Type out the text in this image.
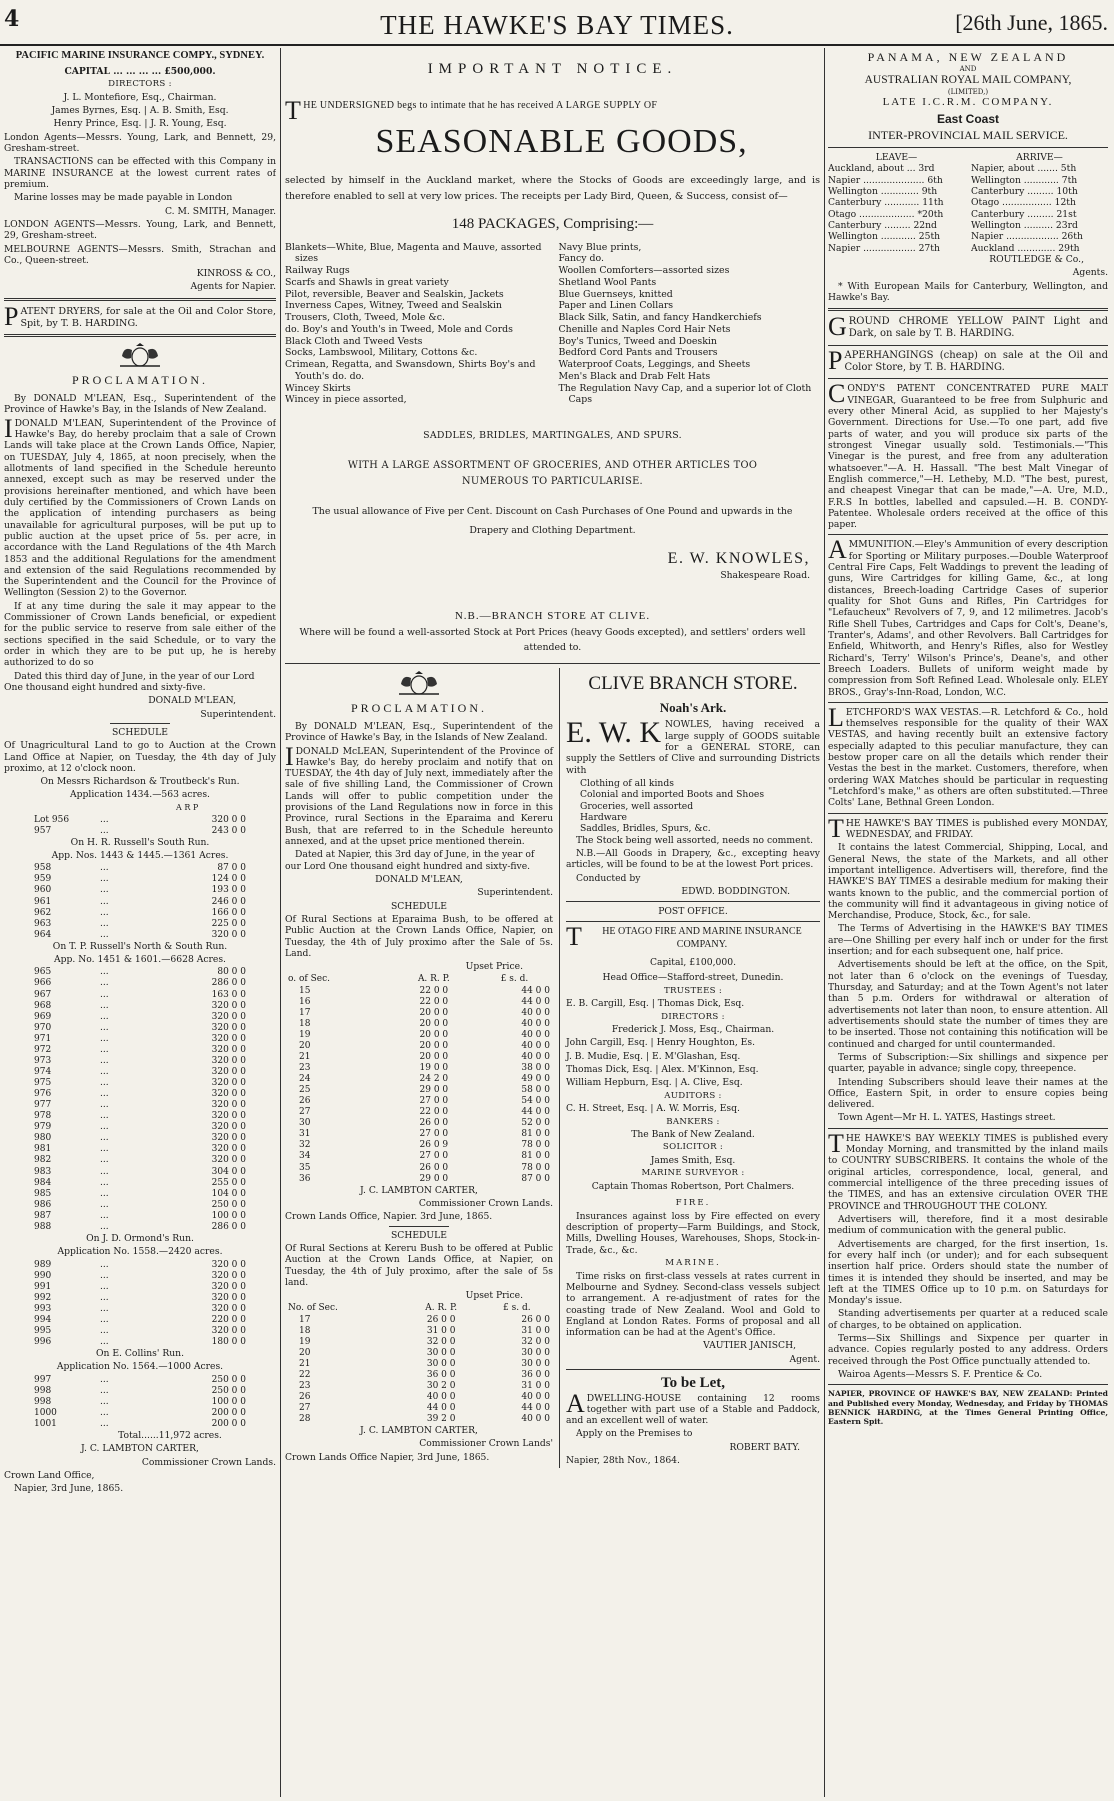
4	THE HAWKE'S BAY TIMES.	[26th June, 1865.
PACIFIC MARINE INSURANCE COMPY., SYDNEY.

CAPITAL ... ... ... ... £500,000.

DIRECTORS :

J. L. Montefiore, Esq., Chairman.

James Byrnes, Esq. | A. B. Smith, Esq.

Henry Prince, Esq. | J. R. Young, Esq.

London Agents—Messrs. Young, Lark, and Bennett, 29, Gresham-street.

TRANSACTIONS can be effected with this Company in MARINE INSURANCE at the lowest current rates of premium.

Marine losses may be made payable in London

C. M. SMITH, Manager.

LONDON AGENTS—Messrs. Young, Lark, and Bennett, 29, Gresham-street.

MELBOURNE AGENTS—Messrs. Smith, Strachan and Co., Queen-street.

KINROSS & CO.,

Agents for Napier.

PATENT DRYERS, for sale at the Oil and Color Store, Spit, by T. B. HARDING.

PROCLAMATION.

By DONALD M'LEAN, Esq., Superintendent of the Province of Hawke's Bay, in the Islands of New Zealand.

IDONALD M'LEAN, Superintendent of the Province of Hawke's Bay, do hereby proclaim that a sale of Crown Lands will take place at the Crown Lands Office, Napier, on TUESDAY, July 4, 1865, at noon precisely, when the allotments of land specified in the Schedule hereunto annexed, except such as may be reserved under the provisions hereinafter mentioned, and which have been duly certified by the Commissioners of Crown Lands on the application of intending purchasers as being unavailable for agricultural purposes, will be put up to public auction at the upset price of 5s. per acre, in accordance with the Land Regulations of the 4th March 1853 and the additional Regulations for the amendment and extension of the said Regulations recommended by the Superintendent and the Council for the Province of Wellington (Session 2) to the Governor.

If at any time during the sale it may appear to the Commissioner of Crown Lands beneficial, or expedient for the public service to reserve from sale either of the sections specified in the said Schedule, or to vary the order in which they are to be put up, he is hereby authorized to do so

Dated this third day of June, in the year of our Lord One thousand eight hundred and sixty-five.

DONALD M'LEAN,

Superintendent.

SCHEDULE

Of Unagricultural Land to go to Auction at the Crown Land Office at Napier, on Tuesday, the 4th day of July proximo, at 12 o'clock noon.

On Messrs Richardson & Troutbeck's Run.

Application 1434.—563 acres.

A R P

Lot 956	...	320 0 0
957	...	243 0 0

On H. R. Russell's South Run.

App. Nos. 1443 & 1445.—1361 Acres.

958	...	87 0 0
959	...	124 0 0
960	...	193 0 0
961	...	246 0 0
962	...	166 0 0
963	...	225 0 0
964	...	320 0 0

On T. P. Russell's North & South Run.

App. No. 1451 & 1601.—6628 Acres.

965	...	80 0 0
966	...	286 0 0
967	...	163 0 0
968	...	320 0 0
969	...	320 0 0
970	...	320 0 0
971	...	320 0 0
972	...	320 0 0
973	...	320 0 0
974	...	320 0 0
975	...	320 0 0
976	...	320 0 0
977	...	320 0 0
978	...	320 0 0
979	...	320 0 0
980	...	320 0 0
981	...	320 0 0
982	...	320 0 0
983	...	304 0 0
984	...	255 0 0
985	...	104 0 0
986	...	250 0 0
987	...	100 0 0
988	...	286 0 0

On J. D. Ormond's Run.

Application No. 1558.—2420 acres.

989	...	320 0 0
990	...	320 0 0
991	...	320 0 0
992	...	320 0 0
993	...	320 0 0
994	...	220 0 0
995	...	320 0 0
996	...	180 0 0

On E. Collins' Run.

Application No. 1564.—1000 Acres.

997	...	250 0 0
998	...	250 0 0
998	...	100 0 0
1000	...	200 0 0
1001	...	200 0 0

Total......11,972 acres.

J. C. LAMBTON CARTER,

Commissioner Crown Lands.

Crown Land Office,

Napier, 3rd June, 1865.

IMPORTANT NOTICE.

THE UNDERSIGNED begs to intimate that he has received A LARGE SUPPLY OF

SEASONABLE GOODS,

selected by himself in the Auckland market, where the Stocks of Goods are exceedingly large, and is therefore enabled to sell at very low prices. The receipts per Lady Bird, Queen, & Success, consist of—

148 PACKAGES, Comprising:—
Blankets—White, Blue, Magenta and Mauve, assorted sizes
Railway Rugs
Scarfs and Shawls in great variety
Pilot, reversible, Beaver and Sealskin, Jackets
Inverness Capes, Witney, Tweed and Sealskin
Trousers, Cloth, Tweed, Mole &c.
do. Boy's and Youth's in Tweed, Mole and Cords
Black Cloth and Tweed Vests
Socks, Lambswool, Military, Cottons &c.
Crimean, Regatta, and Swansdown, Shirts Boy's and Youth's do. do.
Wincey Skirts
Wincey in piece assorted,
Navy Blue prints,
Fancy do.
Woollen Comforters—assorted sizes
Shetland Wool Pants
Blue Guernseys, knitted
Paper and Linen Collars
Black Silk, Satin, and fancy Handkerchiefs
Chenille and Naples Cord Hair Nets
Boy's Tunics, Tweed and Doeskin
Bedford Cord Pants and Trousers
Waterproof Coats, Leggings, and Sheets
Men's Black and Drab Felt Hats
The Regulation Navy Cap, and a superior lot of Cloth Caps

SADDLES, BRIDLES, MARTINGALES, AND SPURS.

WITH A LARGE ASSORTMENT OF GROCERIES, AND OTHER ARTICLES TOO NUMEROUS TO PARTICULARISE.

The usual allowance of Five per Cent. Discount on Cash Purchases of One Pound and upwards in the Drapery and Clothing Department.

E. W. KNOWLES,

Shakespeare Road.

N.B.—BRANCH STORE AT CLIVE.

Where will be found a well-assorted Stock at Port Prices (heavy Goods excepted), and settlers' orders well attended to.

PROCLAMATION.

By DONALD M'LEAN, Esq., Superintendent of the Province of Hawke's Bay, in the Islands of New Zealand.

IDONALD McLEAN, Superintendent of the Province of Hawke's Bay, do hereby proclaim and notify that on TUESDAY, the 4th day of July next, immediately after the sale of five shilling Land, the Commissioner of Crown Lands will offer to public competition under the provisions of the Land Regulations now in force in this Province, rural Sections in the Eparaima and Kereru Bush, that are referred to in the Schedule hereunto annexed, and at the upset price mentioned therein.

Dated at Napier, this 3rd day of June, in the year of our Lord One thousand eight hundred and sixty-five.

DONALD M'LEAN,

Superintendent.

SCHEDULE

Of Rural Sections at Eparaima Bush, to be offered at Public Auction at the Crown Lands Office, Napier, on Tuesday, the 4th of July proximo after the Sale of 5s. Land.

Upset Price.

o. of Sec.	A. R. P.	£ s. d.
15	22 0 0	44 0 0
16	22 0 0	44 0 0
17	20 0 0	40 0 0
18	20 0 0	40 0 0
19	20 0 0	40 0 0
20	20 0 0	40 0 0
21	20 0 0	40 0 0
23	19 0 0	38 0 0
24	24 2 0	49 0 0
25	29 0 0	58 0 0
26	27 0 0	54 0 0
27	22 0 0	44 0 0
30	26 0 0	52 0 0
31	27 0 0	81 0 0
32	26 0 9	78 0 0
34	27 0 0	81 0 0
35	26 0 0	78 0 0
36	29 0 0	87 0 0

J. C. LAMBTON CARTER,

Commissioner Crown Lands.

Crown Lands Office, Napier. 3rd June, 1865.

SCHEDULE

Of Rural Sections at Kereru Bush to be offered at Public Auction at the Crown Lands Office, at Napier, on Tuesday, the 4th of July proximo, after the sale of 5s land.

Upset Price.

No. of Sec.	A. R. P.	£ s. d.
17	26 0 0	26 0 0
18	31 0 0	31 0 0
19	32 0 0	32 0 0
20	30 0 0	30 0 0
21	30 0 0	30 0 0
22	36 0 0	36 0 0
23	30 2 0	31 0 0
26	40 0 0	40 0 0
27	44 0 0	44 0 0
28	39 2 0	40 0 0

J. C. LAMBTON CARTER,

Commissioner Crown Lands'

Crown Lands Office Napier, 3rd June, 1865.

CLIVE BRANCH STORE.
Noah's Ark.

E. W. K NOWLES, having received a large supply of GOODS suitable for a GENERAL STORE, can supply the Settlers of Clive and surrounding Districts with

Clothing of all kinds
Colonial and imported Boots and Shoes
Groceries, well assorted
Hardware
Saddles, Bridles, Spurs, &c.

The Stock being well assorted, needs no comment.

N.B.—All Goods in Drapery, &c., excepting heavy articles, will be found to be at the lowest Port prices.

Conducted by

EDWD. BODDINGTON.

POST OFFICE.

THE OTAGO FIRE AND MARINE INSURANCE COMPANY.

Capital, £100,000.

Head Office—Stafford-street, Dunedin.

TRUSTEES :

E. B. Cargill, Esq. | Thomas Dick, Esq.

DIRECTORS :

Frederick J. Moss, Esq., Chairman.

John Cargill, Esq. | Henry Houghton, Es.

J. B. Mudie, Esq. | E. M'Glashan, Esq.

Thomas Dick, Esq. | Alex. M'Kinnon, Esq.

William Hepburn, Esq. | A. Clive, Esq.

AUDITORS :

C. H. Street, Esq. | A. W. Morris, Esq.

BANKERS :

The Bank of New Zealand.

SOLICITOR :

James Smith, Esq.

MARINE SURVEYOR :

Captain Thomas Robertson, Port Chalmers.

FIRE.

Insurances against loss by Fire effected on every description of property—Farm Buildings, and Stock, Mills, Dwelling Houses, Warehouses, Shops, Stock-in-Trade, &c., &c.

MARINE.

Time risks on first-class vessels at rates current in Melbourne and Sydney. Second-class vessels subject to arrangement. A re-adjustment of rates for the coasting trade of New Zealand. Wool and Gold to England at London Rates. Forms of proposal and all information can be had at the Agent's Office.

VAUTIER JANISCH,

Agent.

To be Let,

ADWELLING-HOUSE containing 12 rooms together with part use of a Stable and Paddock, and an excellent well of water.

Apply on the Premises to

ROBERT BATY.

Napier, 28th Nov., 1864.

PANAMA, NEW ZEALAND
AND
AUSTRALIAN ROYAL MAIL COMPANY,
(LIMITED,)
LATE I.C.R.M. COMPANY.
East Coast
INTER-PROVINCIAL MAIL SERVICE.
LEAVE—	ARRIVE—
Auckland, about ... 3rd	Napier, about ....... 5th
Napier ..................... 6th	Wellington ............ 7th
Wellington ............. 9th	Canterbury ......... 10th
Canterbury ............ 11th	Otago ................. 12th
Otago ................... *20th	Canterbury ......... 21st
Canterbury ......... 22nd	Wellington .......... 23rd
Wellington ............ 25th	Napier .................. 26th
Napier .................. 27th	Auckland ............. 29th

ROUTLEDGE & Co.,

Agents.

* With European Mails for Canterbury, Wellington, and Hawke's Bay.

GROUND CHROME YELLOW PAINT Light and Dark, on sale by T. B. HARDING.

PAPERHANGINGS (cheap) on sale at the Oil and Color Store, by T. B. HARDING.

CONDY'S PATENT CONCENTRATED PURE MALT VINEGAR, Guaranteed to be free from Sulphuric and every other Mineral Acid, as supplied to her Majesty's Government. Directions for Use.—To one part, add five parts of water, and you will produce six parts of the strongest Vinegar usually sold. Testimonials.—"This Vinegar is the purest, and free from any adulteration whatsoever."—A. H. Hassall. "The best Malt Vinegar of English commerce,"—H. Letheby, M.D. "The best, purest, and cheapest Vinegar that can be made,"—A. Ure, M.D., F.R.S In bottles, labelled and capsuled.—H. B. CONDY-Patentee. Wholesale orders received at the office of this paper.

AMMUNITION.—Eley's Ammunition of every description for Sporting or Military purposes.—Double Waterproof Central Fire Caps, Felt Waddings to prevent the leading of guns, Wire Cartridges for killing Game, &c., at long distances, Breech-loading Cartridge Cases of superior quality for Shot Guns and Rifles, Pin Cartridges for "Lefaucheux" Revolvers of 7, 9, and 12 milimetres. Jacob's Rifle Shell Tubes, Cartridges and Caps for Colt's, Deane's, Tranter's, Adams', and other Revolvers. Ball Cartridges for Enfield, Whitworth, and Henry's Rifles, also for Westley Richard's, Terry' Wilson's Prince's, Deane's, and other Breech Loaders. Bullets of uniform weight made by compression from Soft Refined Lead. Wholesale only. ELEY BROS., Gray's-Inn-Road, London, W.C.

LETCHFORD'S WAX VESTAS.—R. Letchford & Co., hold themselves responsible for the quality of their WAX VESTAS, and having recently built an extensive factory especially adapted to this peculiar manufacture, they can bestow proper care on all the details which render their Vestas the best in the market. Customers, therefore, when ordering WAX Matches should be particular in requesting "Letchford's make," as others are often substituted.—Three Colts' Lane, Bethnal Green London.

THE HAWKE'S BAY TIMES is published every MONDAY, WEDNESDAY, and FRIDAY.

It contains the latest Commercial, Shipping, Local, and General News, the state of the Markets, and all other important intelligence. Advertisers will, therefore, find the HAWKE'S BAY TIMES a desirable medium for making their wants known to the public, and the commercial portion of the community will find it advantageous in giving notice of Merchandise, Produce, Stock, &c., for sale.

The Terms of Advertising in the HAWKE'S BAY TIMES are—One Shilling per every half inch or under for the first insertion; and for each subsequent one, half price.

Advertisements should be left at the office, on the Spit, not later than 6 o'clock on the evenings of Tuesday, Thursday, and Saturday; and at the Town Agent's not later than 5 p.m. Orders for withdrawal or alteration of advertisements not later than noon, to ensure attention. All advertisements should state the number of times they are to be inserted. Those not containing this notification will be continued and charged for until countermanded.

Terms of Subscription:—Six shillings and sixpence per quarter, payable in advance; single copy, threepence.

Intending Subscribers should leave their names at the Office, Eastern Spit, in order to ensure copies being delivered.

Town Agent—Mr H. L. YATES, Hastings street.

THE HAWKE'S BAY WEEKLY TIMES is published every Monday Morning, and transmitted by the inland mails to COUNTRY SUBSCRIBERS. It contains the whole of the original articles, correspondence, local, general, and commercial intelligence of the three preceding issues of the TIMES, and has an extensive circulation OVER THE PROVINCE and THROUGHOUT THE COLONY.

Advertisers will, therefore, find it a most desirable medium of communication with the general public.

Advertisements are charged, for the first insertion, 1s. for every half inch (or under); and for each subsequent insertion half price. Orders should state the number of times it is intended they should be inserted, and may be left at the TIMES Office up to 10 p.m. on Saturdays for Monday's issue.

Standing advertisements per quarter at a reduced scale of charges, to be obtained on application.

Terms—Six Shillings and Sixpence per quarter in advance. Copies regularly posted to any address. Orders received through the Post Office punctually attended to.

Wairoa Agents—Messrs S. F. Prentice & Co.

NAPIER, PROVINCE OF HAWKE'S BAY, NEW ZEALAND: Printed and Published every Monday, Wednesday, and Friday by THOMAS BENNICK HARDING, at the Times General Printing Office, Eastern Spit.
